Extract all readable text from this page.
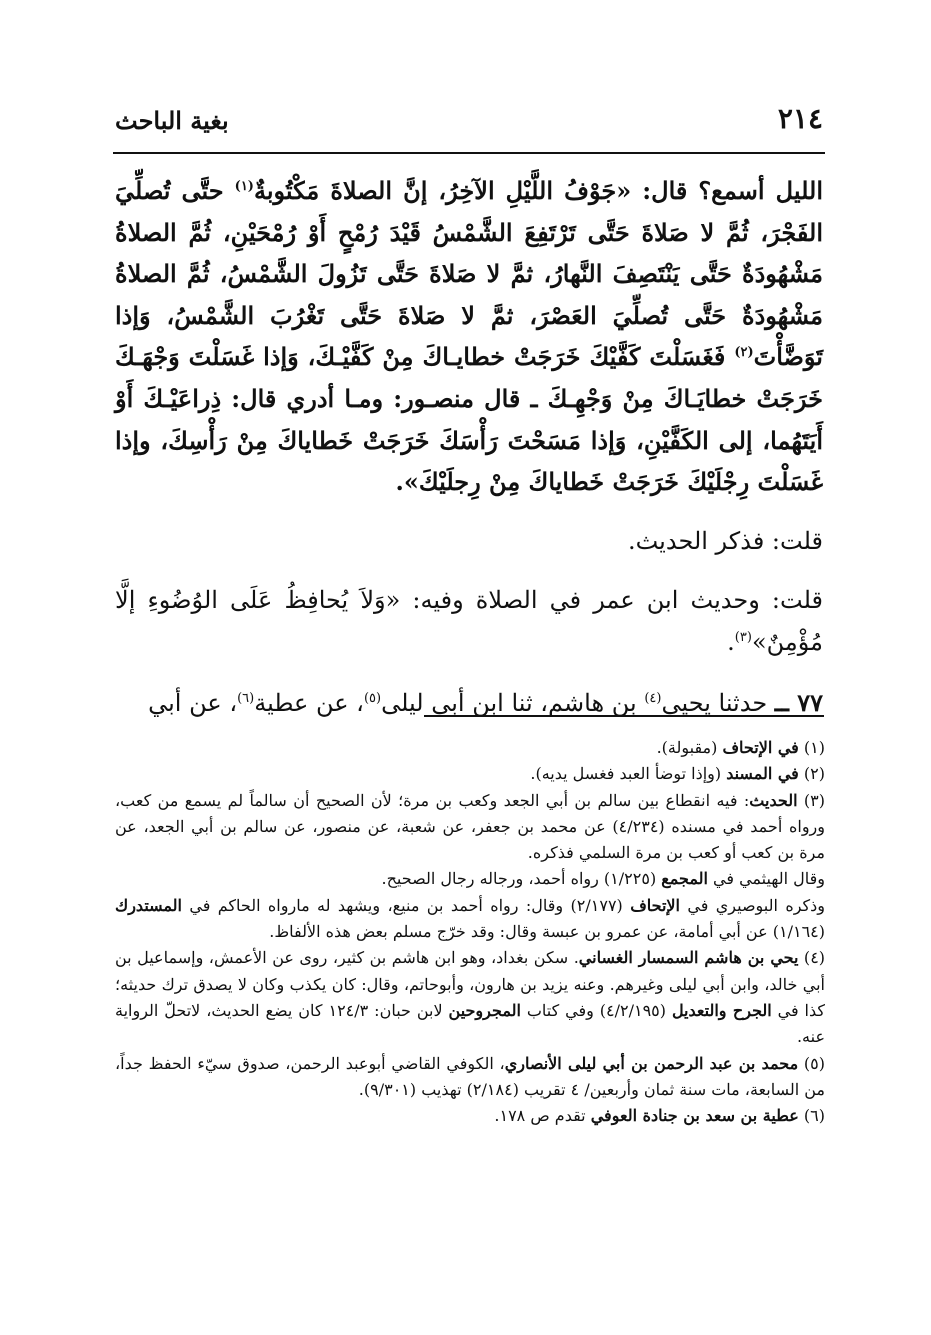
بغية الباحث	٢١٤

الليل أسمع؟ قال: «جَوْفُ اللَّيْلِ الآخِرُ، إنَّ الصلاةَ مَكْتُوبةٌ$^{(١)}$ حتَّى تُصلِّيَ الفَجْرَ، ثُمَّ لا صَلاةَ حَتَّى تَرْتَفِعَ الشَّمْسُ قَيْدَ رُمْحٍ أَوْ رُمْحَيْنِ، ثُمَّ الصلاةُ مَشْهُودَةٌ حَتَّى يَنْتَصِفَ النَّهارُ، ثمَّ لا صَلاةَ حَتَّى تَزُولَ الشَّمْسُ، ثُمَّ الصلاةُ مَشْهُودَةٌ حَتَّى تُصلِّيَ العَصْرَ، ثمَّ لا صَلاةَ حَتَّى تَغْرُبَ الشَّمْسُ، وَإذا تَوَضَّأْتَ$^{(٢)}$ فَغَسَلْتَ كَفَّيْكَ خَرَجَتْ خطايـاكَ مِنْ كَفَّيْـكَ، وَإذا غَسَلْتَ وَجْهَـكَ خَرَجَتْ خطايَـاكَ مِنْ وَجْهِـكَ ـ قال منصـور: ومـا أدري قال: ذِراعَيْـكَ أَوْ أَيَتَهُما، إلى الكَفَّيْنِ، وَإذا مَسَحْتَ رَأْسَكَ خَرَجَتْ خَطاياكَ مِنْ رَأْسِكَ، وإذا غَسَلْتَ رِجْلَيْكَ خَرَجَتْ خَطاياكَ مِنْ رِجلَيْكَ».

قلت: فذكر الحديث.

قلت: وحديث ابن عمر في الصلاة وفيه: «وَلاَ يُحافِظُ عَلَى الوُضُوءِ إلَّا مُؤْمِنٌ»$^{(٣)}$.

٧٧ ــ حدثنا يحيى$^{(٤)}$ بن هاشم، ثنا ابن أبي ليلى$^{(٥)}$، عن عطية$^{(٦)}$، عن أبي

(١) في الإتحاف (مقبولة).

(٢) في المسند (وإذا توضأ العبد فغسل يديه).

(٣) الحديث: فيه انقطاع بين سالم بن أبي الجعد وكعب بن مرة؛ لأن الصحيح أن سالماً لم يسمع من كعب، ورواه أحمد في مسنده (٤/٢٣٤) عن محمد بن جعفر، عن شعبة، عن منصور، عن سالم بن أبي الجعد، عن مرة بن كعب أو كعب بن مرة السلمي فذكره.

وقال الهيثمي في المجمع (١/٢٢٥) رواه أحمد، ورجاله رجال الصحيح.

وذكره البوصيري في الإتحاف (٢/١٧٧) وقال: رواه أحمد بن منيع، ويشهد له مارواه الحاكم في المستدرك (١/١٦٤) عن أبي أمامة، عن عمرو بن عبسة وقال: وقد خرّج مسلم بعض هذه الألفاظ.

(٤) يحي بن هاشم السمسار الغساني. سكن بغداد، وهو ابن هاشم بن كثير، روى عن الأعمش، وإسماعيل بن أبي خالد، وابن أبي ليلى وغيرهم. وعنه يزيد بن هارون، وأبوحاتم، وقال: كان يكذب وكان لا يصدق ترك حديثه؛ كذا في الجرح والتعديل (٤/٢/١٩٥) وفي كتاب المجروحين لابن حبان: ١٢٤/٣ كان يضع الحديث، لاتحلّ الرواية عنه.

(٥) محمد بن عبد الرحمن بن أبي ليلى الأنصاري، الكوفي القاضي أبوعبد الرحمن، صدوق سيّء الحفظ جداً، من السابعة، مات سنة ثمان وأربعين/ ٤ تقريب (٢/١٨٤) تهذيب (٩/٣٠١).

(٦) عطية بن سعد بن جنادة العوفي تقدم ص ١٧٨.
